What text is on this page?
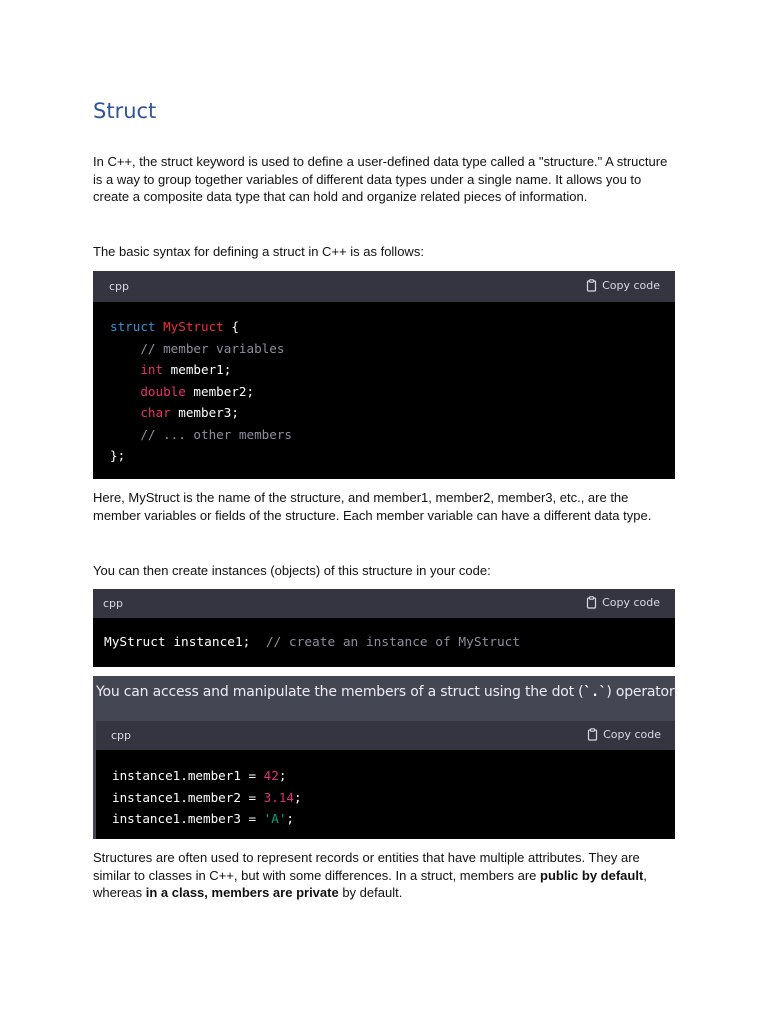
Struct

In C++, the struct keyword is used to define a user-defined data type called a "structure." A structure is a way to group together variables of different data types under a single name. It allows you to create a composite data type that can hold and organize related pieces of information.

The basic syntax for defining a struct in C++ is as follows:

cpp	Copy code
struct MyStruct {
// member variables
int member1;
double member2;
char member3;
// ... other members
};

Here, MyStruct is the name of the structure, and member1, member2, member3, etc., are the member variables or fields of the structure. Each member variable can have a different data type.

You can then create instances (objects) of this structure in your code:

cpp	Copy code
MyStruct instance1; // create an instance of MyStruct

You can access and manipulate the members of a struct using the dot (`.`) operator:

cpp	Copy code
instance1.member1 = 42;
instance1.member2 = 3.14;
instance1.member3 = 'A';

Structures are often used to represent records or entities that have multiple attributes. They are similar to classes in C++, but with some differences. In a struct, members are public by default, whereas in a class, members are private by default.
